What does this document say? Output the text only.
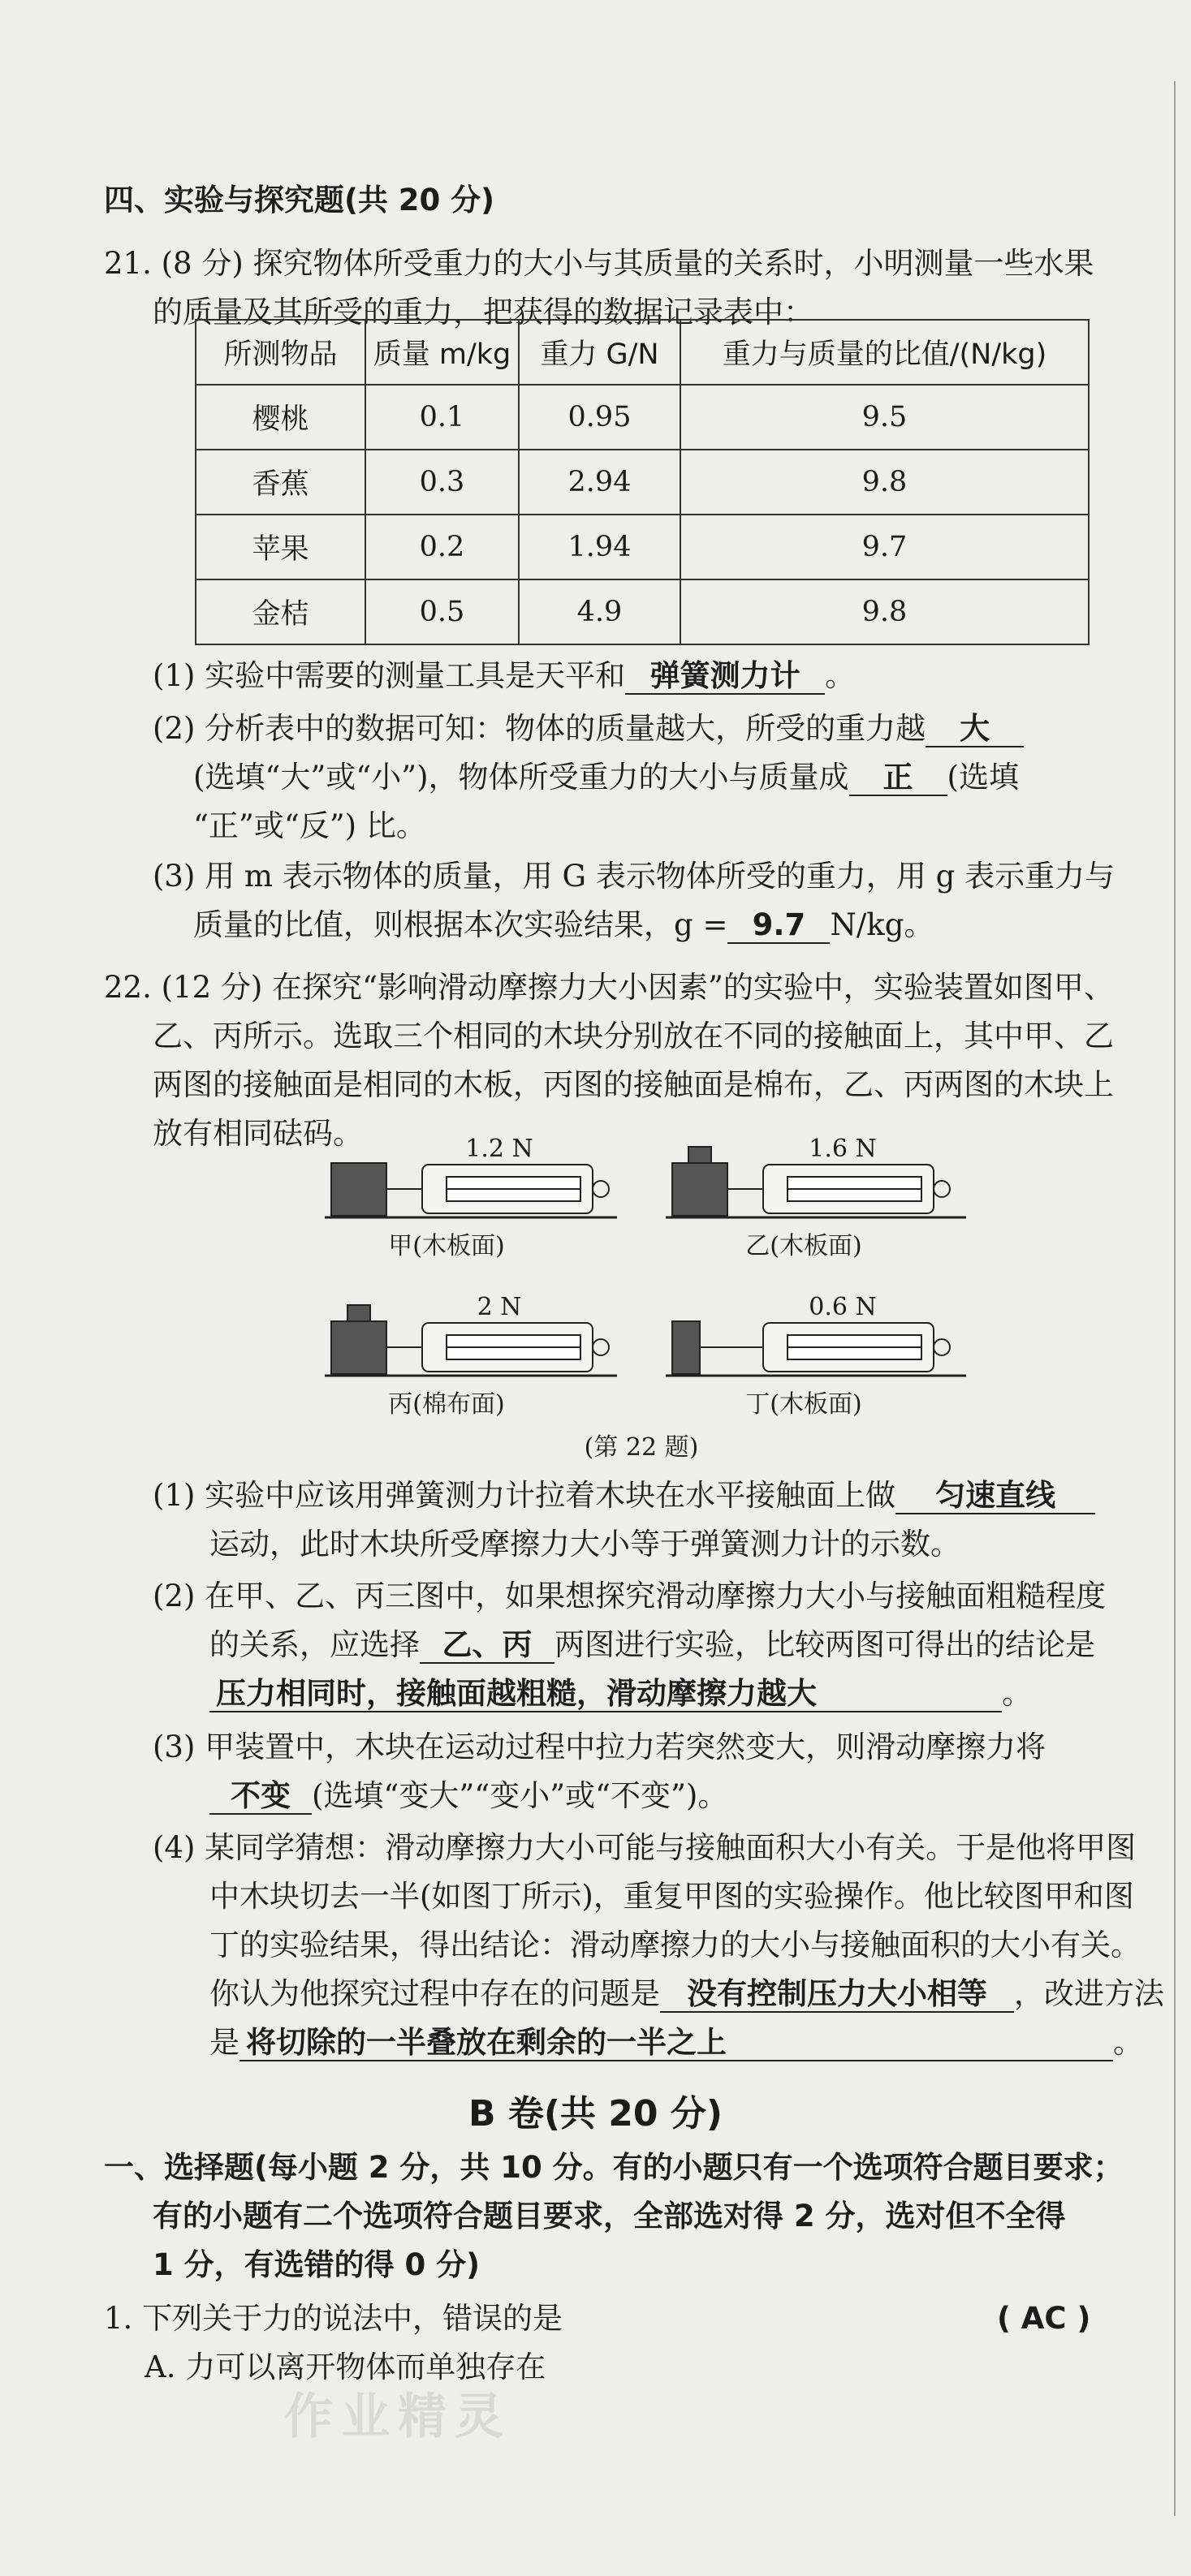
四、实验与探究题(共 20 分)
21. (8 分) 探究物体所受重力的大小与其质量的关系时，小明测量一些水果
的质量及其所受的重力，把获得的数据记录表中：
所测物品	质量 m/kg	重力 G/N	重力与质量的比值/(N/kg)
樱桃	0.1	0.95	9.5
香蕉	0.3	2.94	9.8
苹果	0.2	1.94	9.7
金桔	0.5	4.9	9.8
(1) 实验中需要的测量工具是天平和 弹簧测力计 。
(2) 分析表中的数据可知：物体的质量越大，所受的重力越 大
(选填“大”或“小”)，物体所受重力的大小与质量成 正 (选填
“正”或“反”) 比。
(3) 用 m 表示物体的质量，用 G 表示物体所受的重力，用 g 表示重力与
质量的比值，则根据本次实验结果，g = 9.7 N/kg。
22. (12 分) 在探究“影响滑动摩擦力大小因素”的实验中，实验装置如图甲、
乙、丙所示。选取三个相同的木块分别放在不同的接触面上，其中甲、乙
两图的接触面是相同的木板，丙图的接触面是棉布，乙、丙两图的木块上
放有相同砝码。	1.2 N	1.6 N
2 N	0.6 N
甲(木板面)	乙(木板面)
丙(棉布面)	丁(木板面)
(第 22 题)
(1) 实验中应该用弹簧测力计拉着木块在水平接触面上做 匀速直线
运动，此时木块所受摩擦力大小等于弹簧测力计的示数。
(2) 在甲、乙、丙三图中，如果想探究滑动摩擦力大小与接触面粗糙程度
的关系，应选择 乙、丙 两图进行实验，比较两图可得出的结论是
压力相同时，接触面越粗糙，滑动摩擦力越大	。
(3) 甲装置中，木块在运动过程中拉力若突然变大，则滑动摩擦力将
不变 (选填“变大”“变小”或“不变”)。
(4) 某同学猜想：滑动摩擦力大小可能与接触面积大小有关。于是他将甲图
中木块切去一半(如图丁所示)，重复甲图的实验操作。他比较图甲和图
丁的实验结果，得出结论：滑动摩擦力的大小与接触面积的大小有关。
你认为他探究过程中存在的问题是 没有控制压力大小相等 ，改进方法
是 将切除的一半叠放在剩余的一半之上	。
B 卷(共 20 分)
一、选择题(每小题 2 分，共 10 分。有的小题只有一个选项符合题目要求；
有的小题有二个选项符合题目要求，全部选对得 2 分，选对但不全得
1 分，有选错的得 0 分)
1. 下列关于力的说法中，错误的是	( AC )
A. 力可以离开物体而单独存在
作业精灵
